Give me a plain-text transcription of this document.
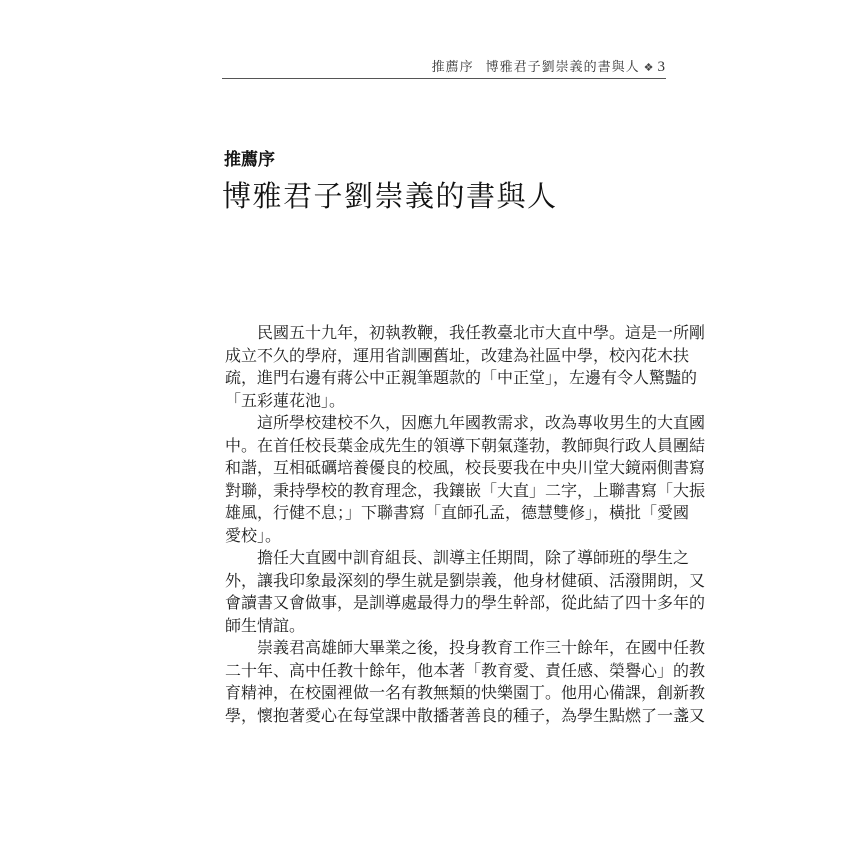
推薦序 博雅君子劉崇義的書與人 ❖ 3
推薦序
博雅君子劉崇義的書與人
民國五十九年，初執教鞭，我任教臺北市大直中學。這是一所剛
成立不久的學府，運用省訓團舊址，改建為社區中學，校內花木扶
疏，進門右邊有蔣公中正親筆題款的「中正堂」，左邊有令人驚豔的
「五彩蓮花池」。
這所學校建校不久，因應九年國教需求，改為專收男生的大直國
中。在首任校長葉金成先生的領導下朝氣蓬勃，教師與行政人員團結
和諧，互相砥礪培養優良的校風，校長要我在中央川堂大鏡兩側書寫
對聯，秉持學校的教育理念，我鑲嵌「大直」二字，上聯書寫「大振
雄風，行健不息；」下聯書寫「直師孔孟，德慧雙修」，橫批「愛國
愛校」。
擔任大直國中訓育組長、訓導主任期間，除了導師班的學生之
外，讓我印象最深刻的學生就是劉崇義，他身材健碩、活潑開朗，又
會讀書又會做事，是訓導處最得力的學生幹部，從此結了四十多年的
師生情誼。
崇義君高雄師大畢業之後，投身教育工作三十餘年，在國中任教
二十年、高中任教十餘年，他本著「教育愛、責任感、榮譽心」的教
育精神，在校園裡做一名有教無類的快樂園丁。他用心備課，創新教
學，懷抱著愛心在每堂課中散播著善良的種子，為學生點燃了一盞又
